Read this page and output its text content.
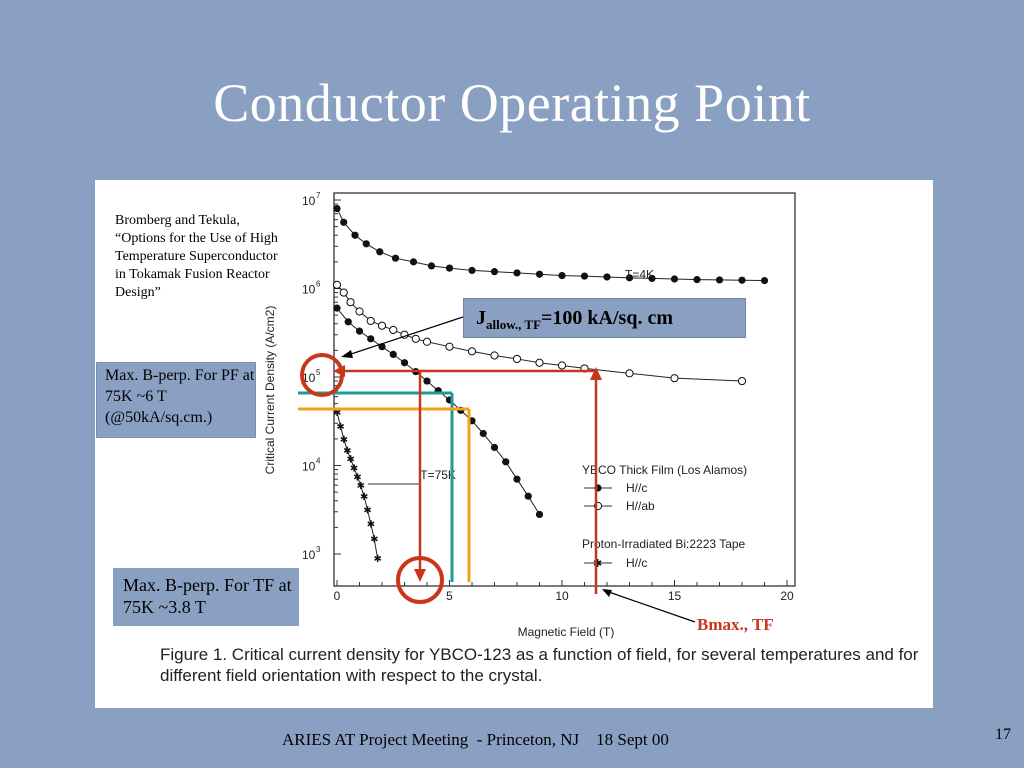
Conductor Operating Point
0	5	10	15	20
10 3
10 4
10 5
10 6
10 7
Magnetic Field (T)
Critical Current Density (A/cm2)	✱
✱
✱
✱
✱
✱
✱
✱
✱
✱
✱
✱
✱
T=4K
T=75K	YBCO Thick Film (Los Alamos)
H//c
H//ab
Proton-Irradiated Bi:2223 Tape
✱ H//c
Bromberg and Tekula, “Options for the Use of High Temperature Superconductor in Tokamak Fusion Reactor Design”
Max. B-perp. For PF at 75K ~6 T (@50kA/sq.cm.)
Max. B-perp. For TF at 75K ~3.8 T
$J_{allow., TF}=100$ kA/sq. cm
Bmax., TF
Figure 1. Critical current density for YBCO-123 as a function of field, for several temperatures and for different field orientation with respect to the crystal.
ARIES AT Project Meeting  - Princeton, NJ    18 Sept 00	17
